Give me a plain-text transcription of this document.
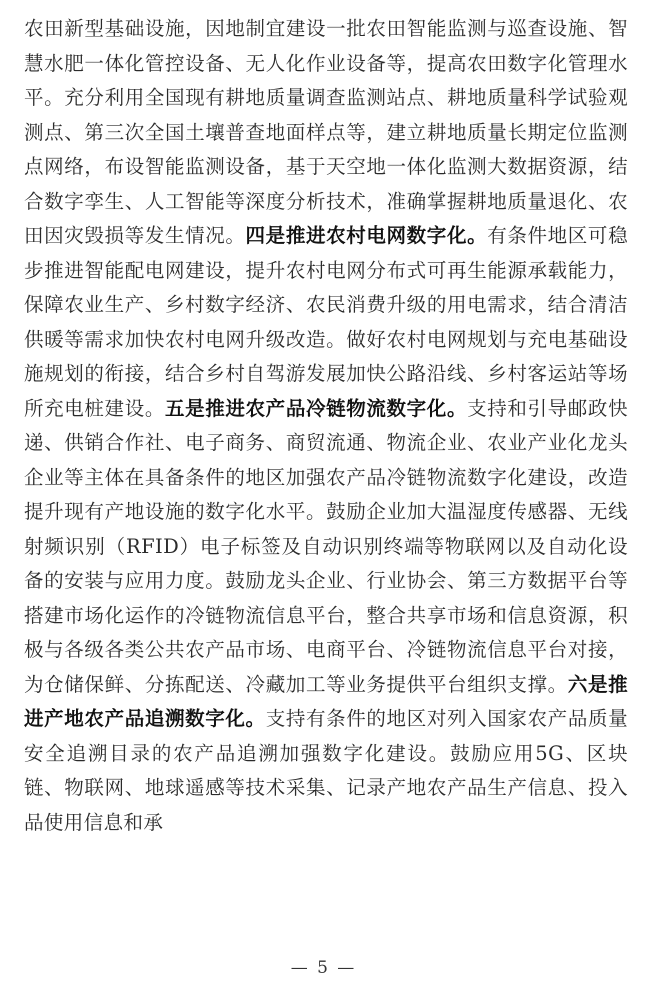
农田新型基础设施，因地制宜建设一批农田智能监测与巡查设施、智慧水肥一体化管控设备、无人化作业设备等，提高农田数字化管理水平。充分利用全国现有耕地质量调查监测站点、耕地质量科学试验观测点、第三次全国土壤普查地面样点等，建立耕地质量长期定位监测点网络，布设智能监测设备，基于天空地一体化监测大数据资源，结合数字孪生、人工智能等深度分析技术，准确掌握耕地质量退化、农田因灾毁损等发生情况。四是推进农村电网数字化。有条件地区可稳步推进智能配电网建设，提升农村电网分布式可再生能源承载能力，保障农业生产、乡村数字经济、农民消费升级的用电需求，结合清洁供暖等需求加快农村电网升级改造。做好农村电网规划与充电基础设施规划的衔接，结合乡村自驾游发展加快公路沿线、乡村客运站等场所充电桩建设。五是推进农产品冷链物流数字化。支持和引导邮政快递、供销合作社、电子商务、商贸流通、物流企业、农业产业化龙头企业等主体在具备条件的地区加强农产品冷链物流数字化建设，改造提升现有产地设施的数字化水平。鼓励企业加大温湿度传感器、无线射频识别（RFID）电子标签及自动识别终端等物联网以及自动化设备的安装与应用力度。鼓励龙头企业、行业协会、第三方数据平台等搭建市场化运作的冷链物流信息平台，整合共享市场和信息资源，积极与各级各类公共农产品市场、电商平台、冷链物流信息平台对接，为仓储保鲜、分拣配送、冷藏加工等业务提供平台组织支撑。六是推进产地农产品追溯数字化。支持有条件的地区对列入国家农产品质量安全追溯目录的农产品追溯加强数字化建设。鼓励应用5G、区块链、物联网、地球遥感等技术采集、记录产地农产品生产信息、投入品使用信息和承

— 5 —
